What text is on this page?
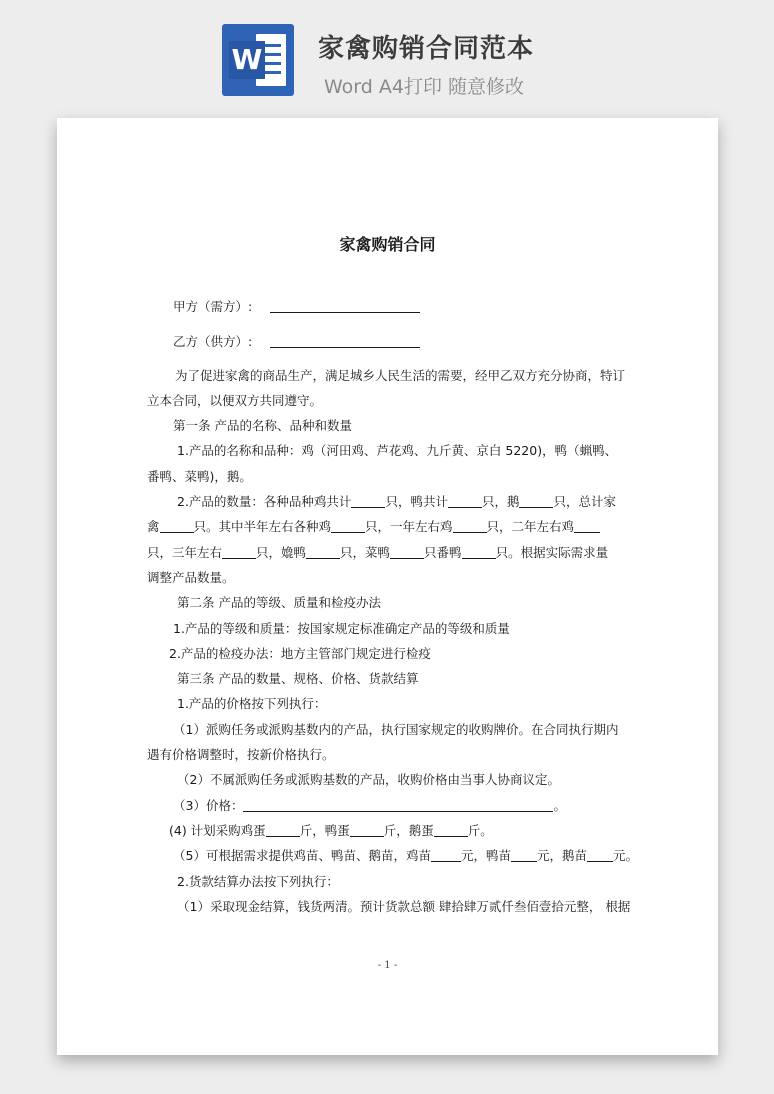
W 家禽购销合同范本
Word A4打印 随意修改
家禽购销合同

甲方（需方）:

乙方（供方）:

为了促进家禽的商品生产，满足城乡人民生活的需要，经甲乙双方充分协商，特订立本合同，以便双方共同遵守。

第一条 产品的名称、品种和数量

1.产品的名称和品种：鸡（河田鸡、芦花鸡、九斤黄、京白 5220)，鸭（蝋鸭、番鸭、菜鸭)，鹅。

2.产品的数量：各种品种鸡共计	只，鸭共计	只，鹅	只，总计家

禽	只。其中半年左右各种鸡	只，一年左右鸡	只，二年左右鸡

只，三年左右	只，嫓鸭	只，菜鸭	只番鸭	只。根据实际需求量

调整产品数量。

第二条 产品的等级、质量和检疫办法

1.产品的等级和质量：按国家规定标准确定产品的等级和质量

2.产品的检疫办法：地方主管部门规定进行检疫

第三条 产品的数量、规格、价格、货款结算

1.产品的价格按下列执行：

（1）派购任务或派购基数内的产品，执行国家规定的收购牌价。在合同执行期内遇有价格调整时，按新价格执行。

（2）不属派购任务或派购基数的产品，收购价格由当事人协商议定。

（3）价格：	。

(4) 计划采购鸡蛋	斤，鸭蛋	斤，鹅蛋	斤。

（5）可根据需求提供鸡苗、鸭苗、鹅苗，鸡苗 元，鸭苗 元，鹅苗 元。

2.货款结算办法按下列执行：

（1）采取现金结算，钱货两清。预计货款总额 肆拾肆万贰仟叁佰壹拾元整， 根据

- 1 -
